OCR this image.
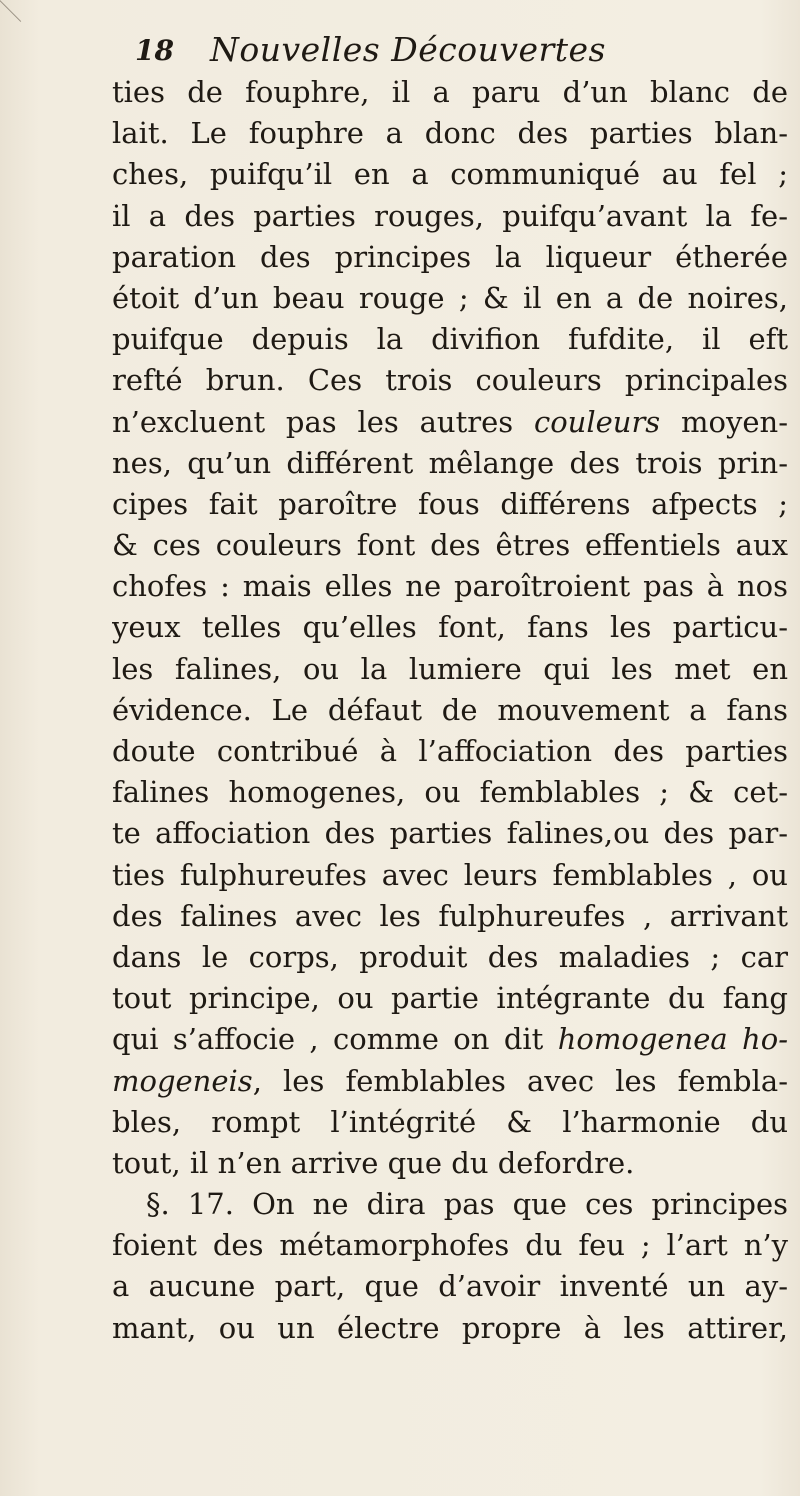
18 Nouvelles Découvertes
ties de fouphre, il a paru d’un blanc de
lait. Le fouphre a donc des parties blan-
ches, puifqu’il en a communiqué au fel ;
il a des parties rouges, puifqu’avant la fe-
paration des principes la liqueur étherée
étoit d’un beau rouge ; & il en a de noires,
puifque depuis la divifion fufdite, il eft
refté brun. Ces trois couleurs principales
n’excluent pas les autres couleurs moyen-
nes, qu’un différent mêlange des trois prin-
cipes fait paroître fous différens afpects ;
& ces couleurs font des êtres effentiels aux
chofes : mais elles ne paroîtroient pas à nos
yeux telles qu’elles font, fans les particu-
les falines, ou la lumiere qui les met en
évidence. Le défaut de mouvement a fans
doute contribué à l’affociation des parties
falines homogenes, ou femblables ; & cet-
te affociation des parties falines,ou des par-
ties fulphureufes avec leurs femblables , ou
des falines avec les fulphureufes , arrivant
dans le corps, produit des maladies ; car
tout principe, ou partie intégrante du fang
qui s’affocie , comme on dit homogenea ho-
mogeneis, les femblables avec les fembla-
bles, rompt l’intégrité & l’harmonie du
tout, il n’en arrive que du defordre.
§. 17. On ne dira pas que ces principes
foient des métamorphofes du feu ; l’art n’y
a aucune part, que d’avoir inventé un ay-
mant, ou un électre propre à les attirer,
